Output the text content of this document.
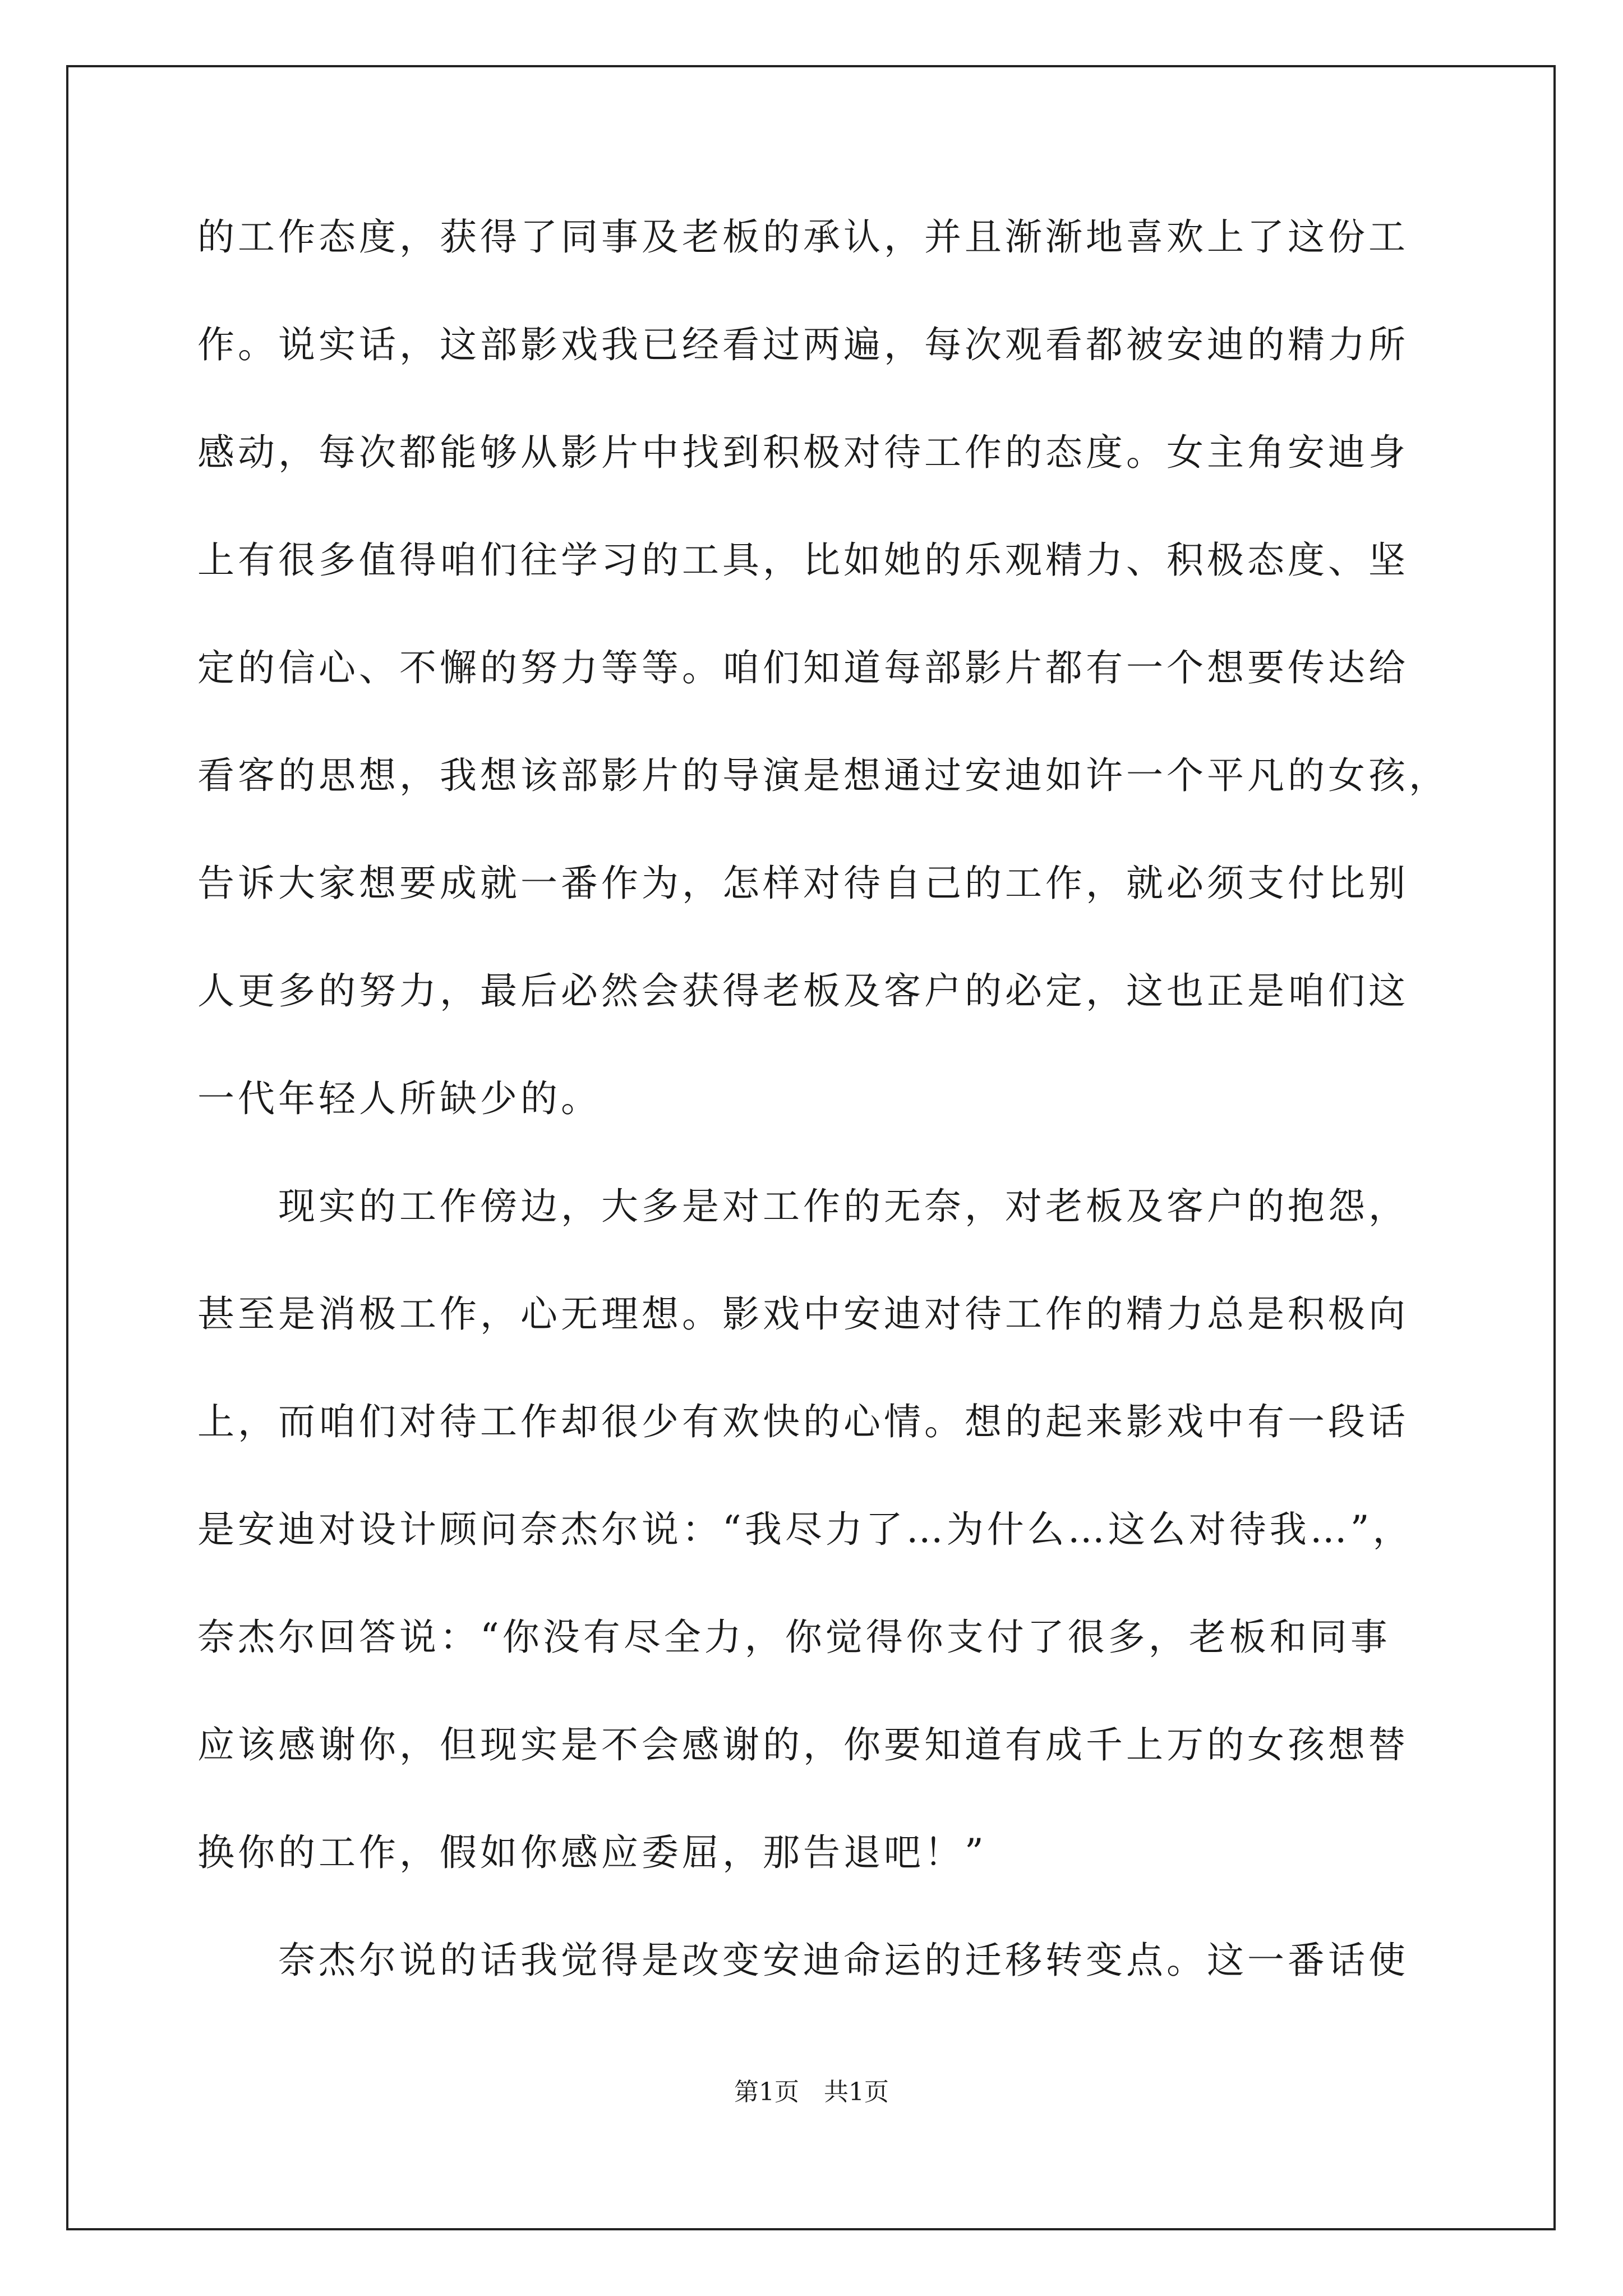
的工作态度，获得了同事及老板的承认，并且渐渐地喜欢上了这份工
作。说实话，这部影戏我已经看过两遍，每次观看都被安迪的精力所
感动，每次都能够从影片中找到积极对待工作的态度。女主角安迪身
上有很多值得咱们往学习的工具，比如她的乐观精力、积极态度、坚
定的信心、不懈的努力等等。咱们知道每部影片都有一个想要传达给
看客的思想，我想该部影片的导演是想通过安迪如许一个平凡的女孩，
告诉大家想要成就一番作为，怎样对待自己的工作，就必须支付比别
人更多的努力，最后必然会获得老板及客户的必定，这也正是咱们这
一代年轻人所缺少的。
　　现实的工作傍边，大多是对工作的无奈，对老板及客户的抱怨，
甚至是消极工作，心无理想。影戏中安迪对待工作的精力总是积极向
上，而咱们对待工作却很少有欢快的心情。想的起来影戏中有一段话
是安迪对设计顾问奈杰尔说：“我尽力了…为什么…这么对待我…”，
奈杰尔回答说：“你没有尽全力，你觉得你支付了很多，老板和同事
应该感谢你，但现实是不会感谢的，你要知道有成千上万的女孩想替
换你的工作，假如你感应委屈，那告退吧！”
　　奈杰尔说的话我觉得是改变安迪命运的迁移转变点。这一番话使
第1页　共1页
